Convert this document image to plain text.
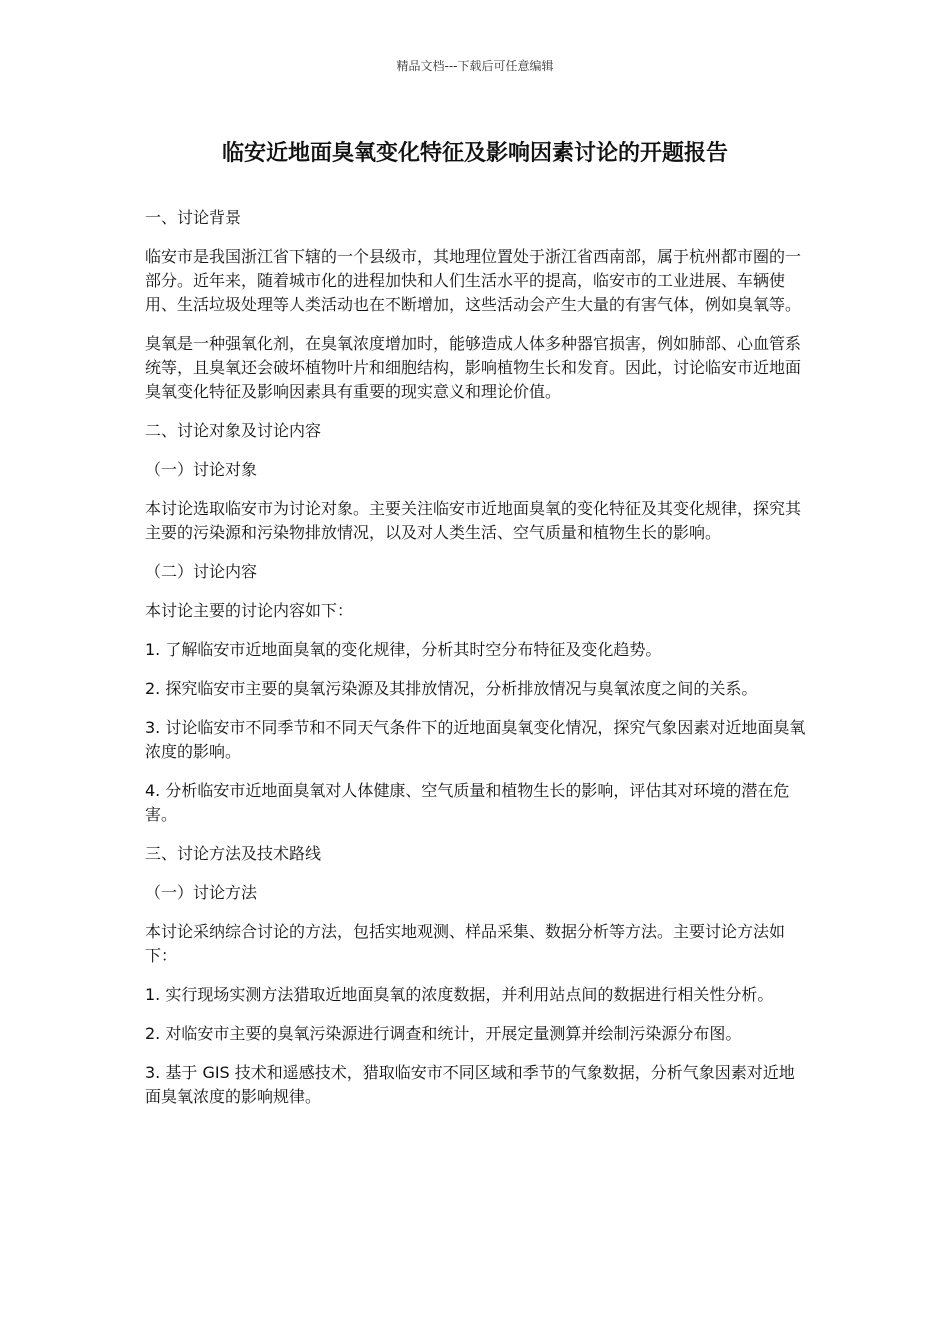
精品文档---下载后可任意编辑
临安近地面臭氧变化特征及影响因素讨论的开题报告

一、讨论背景

临安市是我国浙江省下辖的一个县级市，其地理位置处于浙江省西南部，属于杭州都市圈的一部分。近年来，随着城市化的进程加快和人们生活水平的提高，临安市的工业进展、车辆使用、生活垃圾处理等人类活动也在不断增加，这些活动会产生大量的有害气体，例如臭氧等。

臭氧是一种强氧化剂，在臭氧浓度增加时，能够造成人体多种器官损害，例如肺部、心血管系统等，且臭氧还会破坏植物叶片和细胞结构，影响植物生长和发育。因此，讨论临安市近地面臭氧变化特征及影响因素具有重要的现实意义和理论价值。

二、讨论对象及讨论内容

（一）讨论对象

本讨论选取临安市为讨论对象。主要关注临安市近地面臭氧的变化特征及其变化规律，探究其主要的污染源和污染物排放情况，以及对人类生活、空气质量和植物生长的影响。

（二）讨论内容

本讨论主要的讨论内容如下：

1. 了解临安市近地面臭氧的变化规律，分析其时空分布特征及变化趋势。

2. 探究临安市主要的臭氧污染源及其排放情况，分析排放情况与臭氧浓度之间的关系。

3. 讨论临安市不同季节和不同天气条件下的近地面臭氧变化情况，探究气象因素对近地面臭氧浓度的影响。

4. 分析临安市近地面臭氧对人体健康、空气质量和植物生长的影响，评估其对环境的潜在危害。

三、讨论方法及技术路线

（一）讨论方法

本讨论采纳综合讨论的方法，包括实地观测、样品采集、数据分析等方法。主要讨论方法如下：

1. 实行现场实测方法猎取近地面臭氧的浓度数据，并利用站点间的数据进行相关性分析。

2. 对临安市主要的臭氧污染源进行调查和统计，开展定量测算并绘制污染源分布图。

3. 基于 GIS 技术和遥感技术，猎取临安市不同区域和季节的气象数据，分析气象因素对近地面臭氧浓度的影响规律。
